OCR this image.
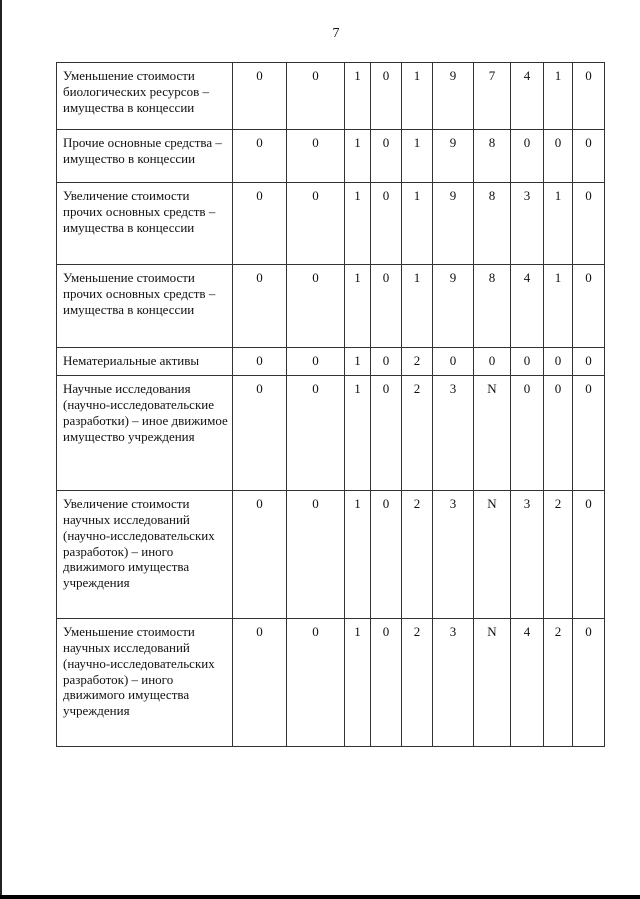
7
Уменьшение стоимости биологических ресурсов – имущества в концессии	0	0	1	0	1	9	7	4	1	0
Прочие основные средства – имущество в концессии	0	0	1	0	1	9	8	0	0	0
Увеличение стоимости прочих основных средств – имущества в концессии	0	0	1	0	1	9	8	3	1	0
Уменьшение стоимости прочих основных средств – имущества в концессии	0	0	1	0	1	9	8	4	1	0
Нематериальные активы	0	0	1	0	2	0	0	0	0	0
Научные исследования (научно-исследовательские разработки) – иное движимое имущество учреждения	0	0	1	0	2	3	N	0	0	0
Увеличение стоимости научных исследований (научно-исследовательских разработок) – иного движимого имущества учреждения	0	0	1	0	2	3	N	3	2	0
Уменьшение стоимости научных исследований (научно-исследовательских разработок) – иного движимого имущества учреждения	0	0	1	0	2	3	N	4	2	0
